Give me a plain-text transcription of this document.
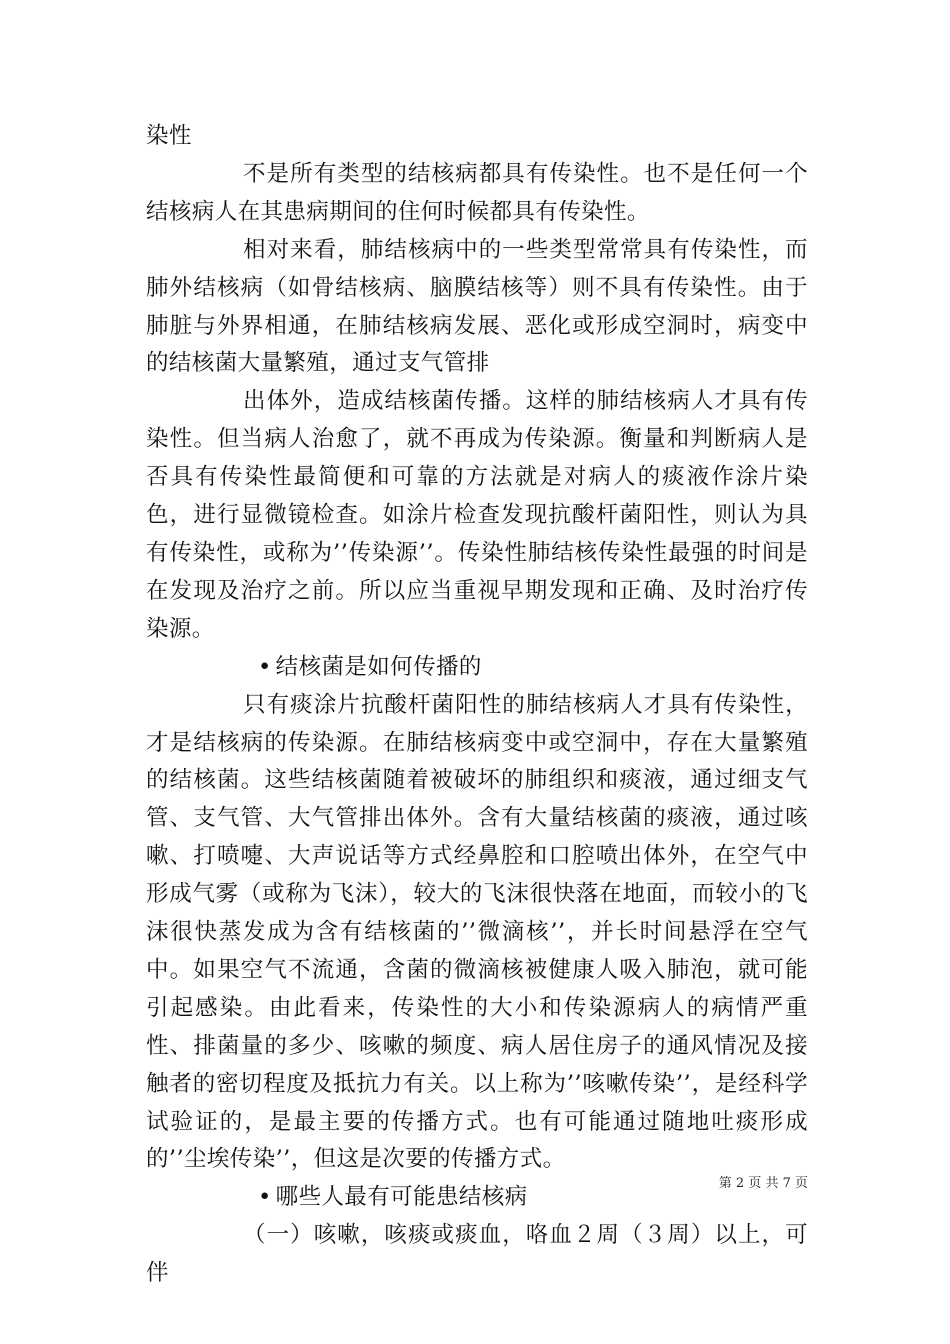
染性

不是所有类型的结核病都具有传染性。也不是任何一个结核病人在其患病期间的住何时候都具有传染性。

相对来看，肺结核病中的一些类型常常具有传染性，而肺外结核病（如骨结核病、脑膜结核等）则不具有传染性。由于肺脏与外界相通，在肺结核病发展、恶化或形成空洞时，病变中的结核菌大量繁殖，通过支气管排

出体外，造成结核菌传播。这样的肺结核病人才具有传染性。但当病人治愈了，就不再成为传染源。衡量和判断病人是否具有传染性最简便和可靠的方法就是对病人的痰液作涂片染色，进行显微镜检查。如涂片检查发现抗酸杆菌阳性，则认为具有传染性，或称为’’传染源’’。传染性肺结核传染性最强的时间是在发现及治疗之前。所以应当重视早期发现和正确、及时治疗传染源。

• 结核菌是如何传播的

只有痰涂片抗酸杆菌阳性的肺结核病人才具有传染性，才是结核病的传染源。在肺结核病变中或空洞中，存在大量繁殖的结核菌。这些结核菌随着被破坏的肺组织和痰液，通过细支气管、支气管、大气管排出体外。含有大量结核菌的痰液，通过咳嗽、打喷嚏、大声说话等方式经鼻腔和口腔喷出体外，在空气中形成气雾（或称为飞沫），较大的飞沫很快落在地面，而较小的飞沫很快蒸发成为含有结核菌的’’微滴核’’，并长时间悬浮在空气中。如果空气不流通，含菌的微滴核被健康人吸入肺泡，就可能引起感染。由此看来，传染性的大小和传染源病人的病情严重性、排菌量的多少、咳嗽的频度、病人居住房子的通风情况及接触者的密切程度及抵抗力有关。以上称为’’咳嗽传染’’，是经科学试验证的，是最主要的传播方式。也有可能通过随地吐痰形成的’’尘埃传染’’，但这是次要的传播方式。

• 哪些人最有可能患结核病

（一）咳嗽，咳痰或痰血，咯血２周（３周）以上，可伴

第 2 页 共 7 页
